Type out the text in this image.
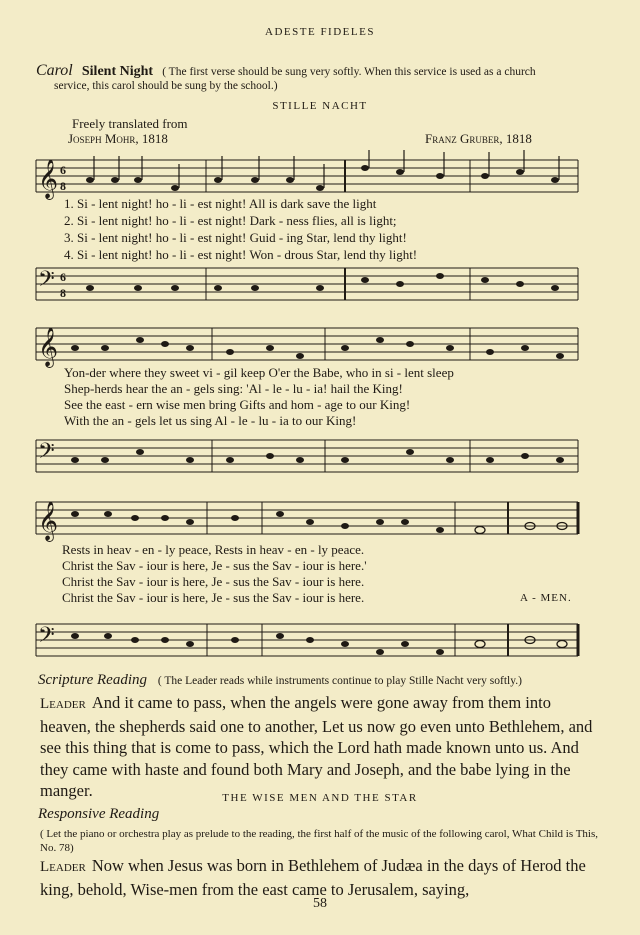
ADESTE FIDELES
Carol Silent Night ( The first verse should be sung very softly. When this service is used as a church
service, this carol should be sung by the school.)
STILLE NACHT
Freely translated from
Joseph Mohr, 1818	Franz Gruber, 1818
𝄞 6
8
1. Si - lent night! ho - li - est night! All is dark save the light
2. Si - lent night! ho - li - est night! Dark - ness flies, all is light;
3. Si - lent night! ho - li - est night! Guid - ing Star, lend thy light!
4. Si - lent night! ho - li - est night! Won - drous Star, lend thy light!
𝄢 6
8
𝄞
Yon-der where they sweet vi - gil keep O'er the Babe, who in si - lent sleep
Shep-herds hear the an - gels sing: 'Al - le - lu - ia! hail the King!
See the east - ern wise men bring Gifts and hom - age to our King!
With the an - gels let us sing Al - le - lu - ia to our King!
𝄢
𝄞
Rests in heav - en - ly peace, Rests in heav - en - ly peace.
Christ the Sav - iour is here, Je - sus the Sav - iour is here.'
Christ the Sav - iour is here, Je - sus the Sav - iour is here.
Christ the Sav - iour is here, Je - sus the Sav - iour is here.	A - MEN.
𝄢
Scripture Reading ( The Leader reads while instruments continue to play Stille Nacht very softly.)
Leader And it came to pass, when the angels were gone away from them into heaven, the shepherds said one to another, Let us now go even unto Bethlehem, and see this thing that is come to pass, which the Lord hath made known unto us. And they came with haste and found both Mary and Joseph, and the babe lying in the manger.	THE WISE MEN AND THE STAR
Responsive Reading
( Let the piano or orchestra play as prelude to the reading, the first half of the music of the following carol, What Child is This, No. 78)
Leader Now when Jesus was born in Bethlehem of Judæa in the days of Herod the king, behold, Wise-men from the east came to Jerusalem, saying,
58
